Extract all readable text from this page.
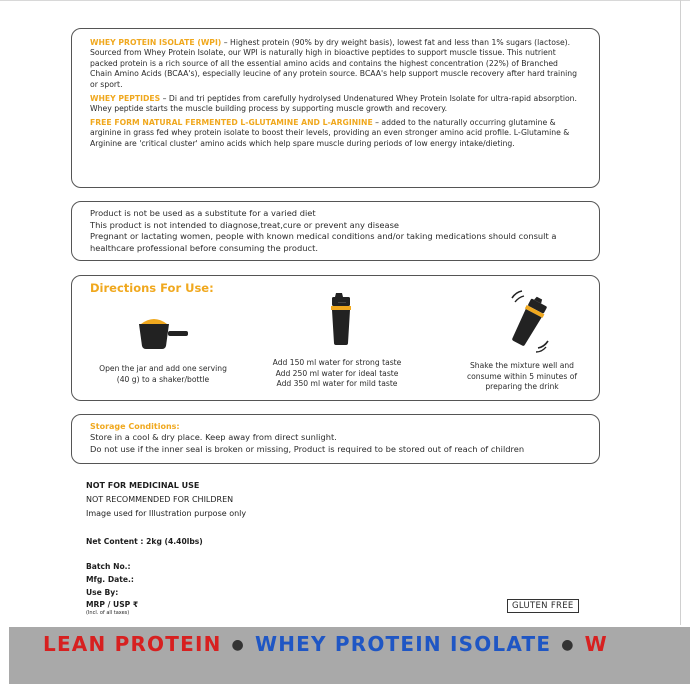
WHEY PROTEIN ISOLATE (WPI) – Highest protein (90% by dry weight basis), lowest fat and less than 1% sugars (lactose). Sourced from Whey Protein Isolate, our WPI is naturally high in bioactive peptides to support muscle tissue. This nutrient packed protein is a rich source of all the essential amino acids and contains the highest concentration (22%) of Branched Chain Amino Acids (BCAA's), especially leucine of any protein source. BCAA's help support muscle recovery after hard training or sport.

WHEY PEPTIDES – Di and tri peptides from carefully hydrolysed Undenatured Whey Protein Isolate for ultra-rapid absorption. Whey peptide starts the muscle building process by supporting muscle growth and recovery.

FREE FORM NATURAL FERMENTED L-GLUTAMINE AND L-ARGININE – added to the naturally occurring glutamine & arginine in grass fed whey protein isolate to boost their levels, providing an even stronger amino acid profile. L-Glutamine & Arginine are 'critical cluster' amino acids which help spare muscle during periods of low energy intake/dieting.

Product is not be used as a substitute for a varied diet
This product is not intended to diagnose,treat,cure or prevent any disease
Pregnant or lactating women, people with known medical conditions and/or taking medications should consult a healthcare professional before consuming the product.
Directions For Use:
Open the jar and add one serving
(40 g) to a shaker/bottle
Add 150 ml water for strong taste
Add 250 ml water for ideal taste
Add 350 ml water for mild taste
Shake the mixture well and
consume within 5 minutes of
preparing the drink
Storage Conditions:
Store in a cool & dry place. Keep away from direct sunlight.
Do not use if the inner seal is broken or missing, Product is required to be stored out of reach of children
NOT FOR MEDICINAL USE
NOT RECOMMENDED FOR CHILDREN
Image used for Illustration purpose only
Net Content : 2kg (4.40lbs)
Batch No.:
Mfg. Date.:
Use By:
MRP / USP ₹
(Incl. of all taxes)
GLUTEN FREE
LEAN PROTEIN ● WHEY PROTEIN ISOLATE ● W
